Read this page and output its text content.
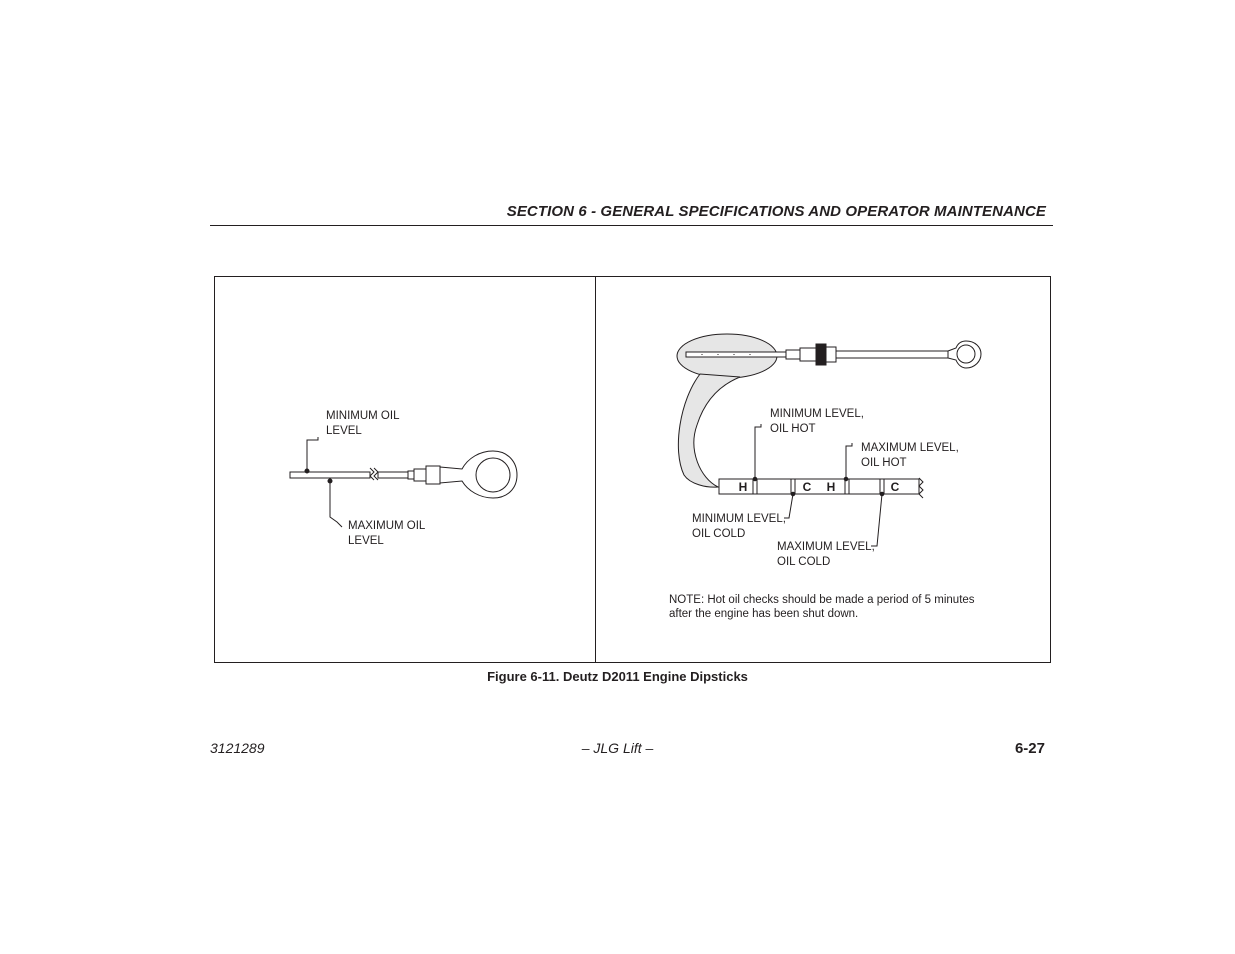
SECTION 6 - GENERAL SPECIFICATIONS AND OPERATOR MAINTENANCE
H	C H	C
MINIMUM OIL
LEVEL
MAXIMUM OIL
LEVEL
MINIMUM LEVEL,
OIL HOT
MAXIMUM LEVEL,
OIL HOT
MINIMUM LEVEL,
OIL COLD
MAXIMUM LEVEL,
OIL COLD
NOTE: Hot oil checks should be made a period of 5 minutes
after the engine has been shut down.
Figure 6-11. Deutz D2011 Engine Dipsticks
3121289	– JLG Lift –	6-27
